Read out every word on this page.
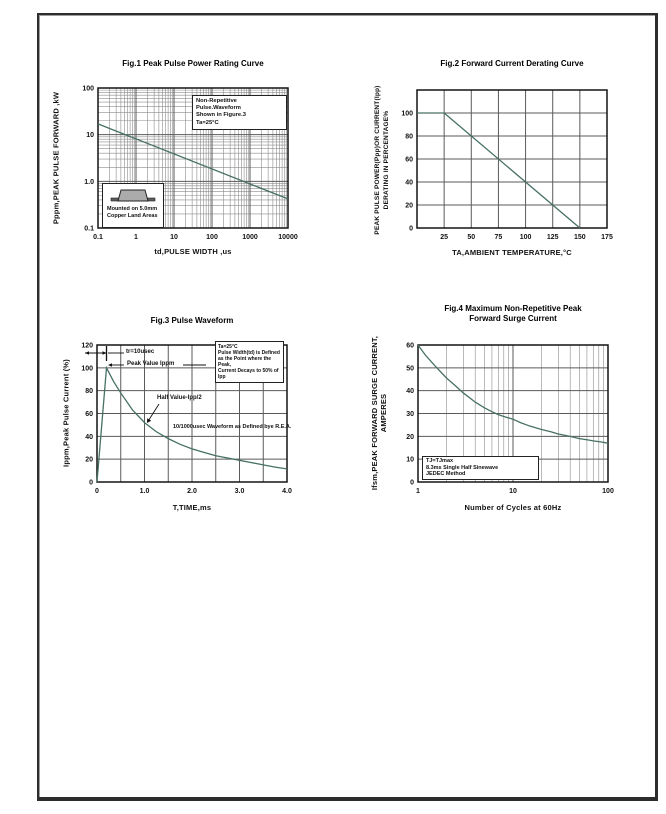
Fig.1 Peak Pulse Power Rating Curve
0.1	1	10	100	1000	10000
0.1
1.0
10
100
Non-Repetitive Pulse.Waveform
Shown in Figure.3
Ta=25°C
Mounted on 5.0mm
Copper Land Areas
td,PULSE WIDTH ,us
Pppm,PEAK PULSE FORWARD ,kW
Fig.2 Forward Current Derating Curve
25	50	75 100 125 150 175
0
20
40
60
80
100
TA,AMBIENT TEMPERATURE,°C
PEAK PULSE POWER(Ppp)OR CURRENT(Ipp) DERATING IN PERCENTAGE%
Fig.3 Pulse Waveform
0	1.0	2.0	3.0	4.0
0
20
40
60
80
100
120
tr=10usec
Peak Value Ippm
Half Value-Ipp/2
10/1000usec Waveform as Defined bye R.E.A.
Ta=25°C
Pulse Width(td) is Defined
as the Point where the Peak,
Current Decays to 50% of Ipp
T,TIME,ms
Ippm,Peak Pulse Current (%)
Fig.4 Maximum Non-Repetitive Peak
Forward Surge Current
1	10	100
0
10
20
30
40
50
60
TJ=TJmax
8.3ms Single Half Sinewave
JEDEC Method
Number of Cycles at 60Hz
Ifsm,PEAK FORWARD SURGE CURRENT, AMPERES
